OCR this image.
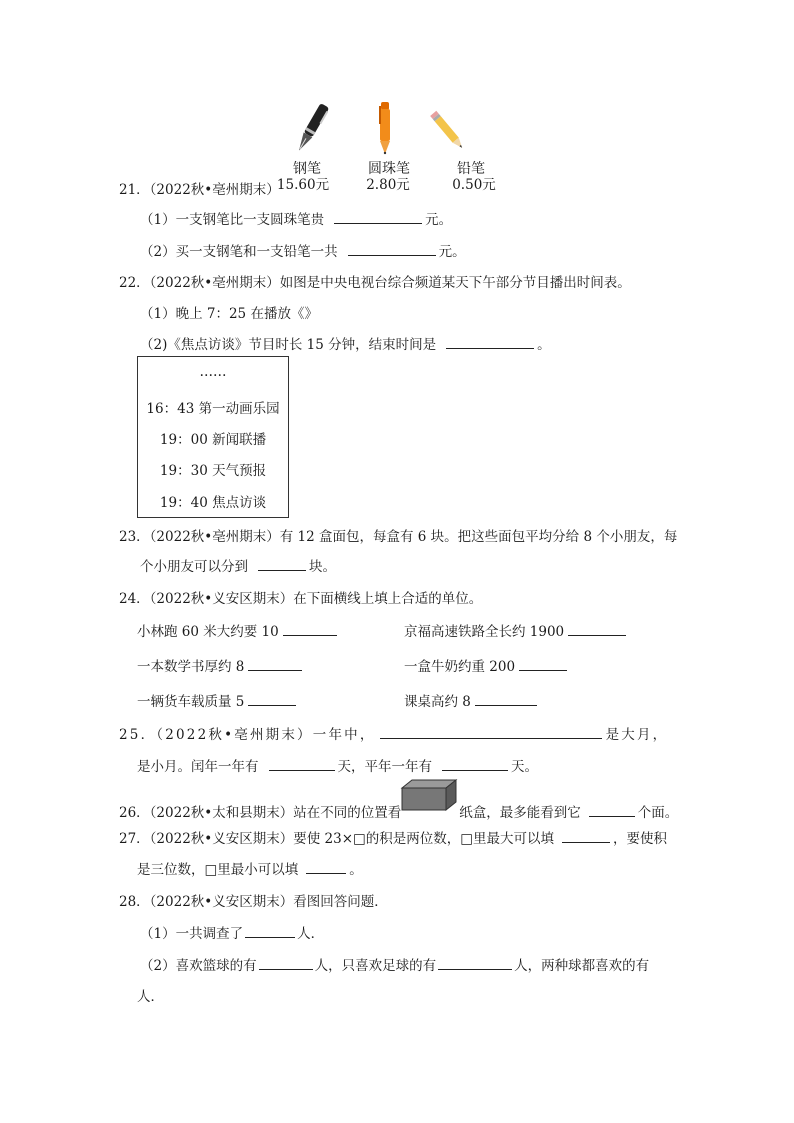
钢笔
15.60元
圆珠笔
2.80元
铅笔
0.50元
21．（2022秋•亳州期末）
（1）一支钢笔比一支圆珠笔贵	元。
（2）买一支钢笔和一支铅笔一共	元。
22．（2022秋•亳州期末）如图是中央电视台综合频道某天下午部分节目播出时间表。
（1）晚上 7：25 在播放《》
（2)《焦点访谈》节目时长 15 分钟，结束时间是	。
……
16：43 第一动画乐园
19：00 新闻联播
19：30 天气预报
19：40 焦点访谈
23．（2022秋•亳州期末）有 12 盒面包，每盒有 6 块。把这些面包平均分给 8 个小朋友，每
个小朋友可以分到	块。
24．（2022秋•义安区期末）在下面横线上填上合适的单位。
小林跑 60 米大约要 10	京福高速铁路全长约 1900
一本数学书厚约 8	一盒牛奶约重 200
一辆货车载质量 5	课桌高约 8
25．（2022秋•亳州期末）一年中，	是大月，
是小月。闰年一年有	天，平年一年有	天。
26．（2022秋•太和县期末）站在不同的位置看	纸盒，最多能看到它	个面。
27．（2022秋•义安区期末）要使 23×□的积是两位数，□里最大可以填	，要使积
是三位数，□里最小可以填	。
28．（2022秋•义安区期末）看图回答问题．
（1）一共调查了	人．
（2）喜欢篮球的有	人，只喜欢足球的有	人，两种球都喜欢的有
人．
